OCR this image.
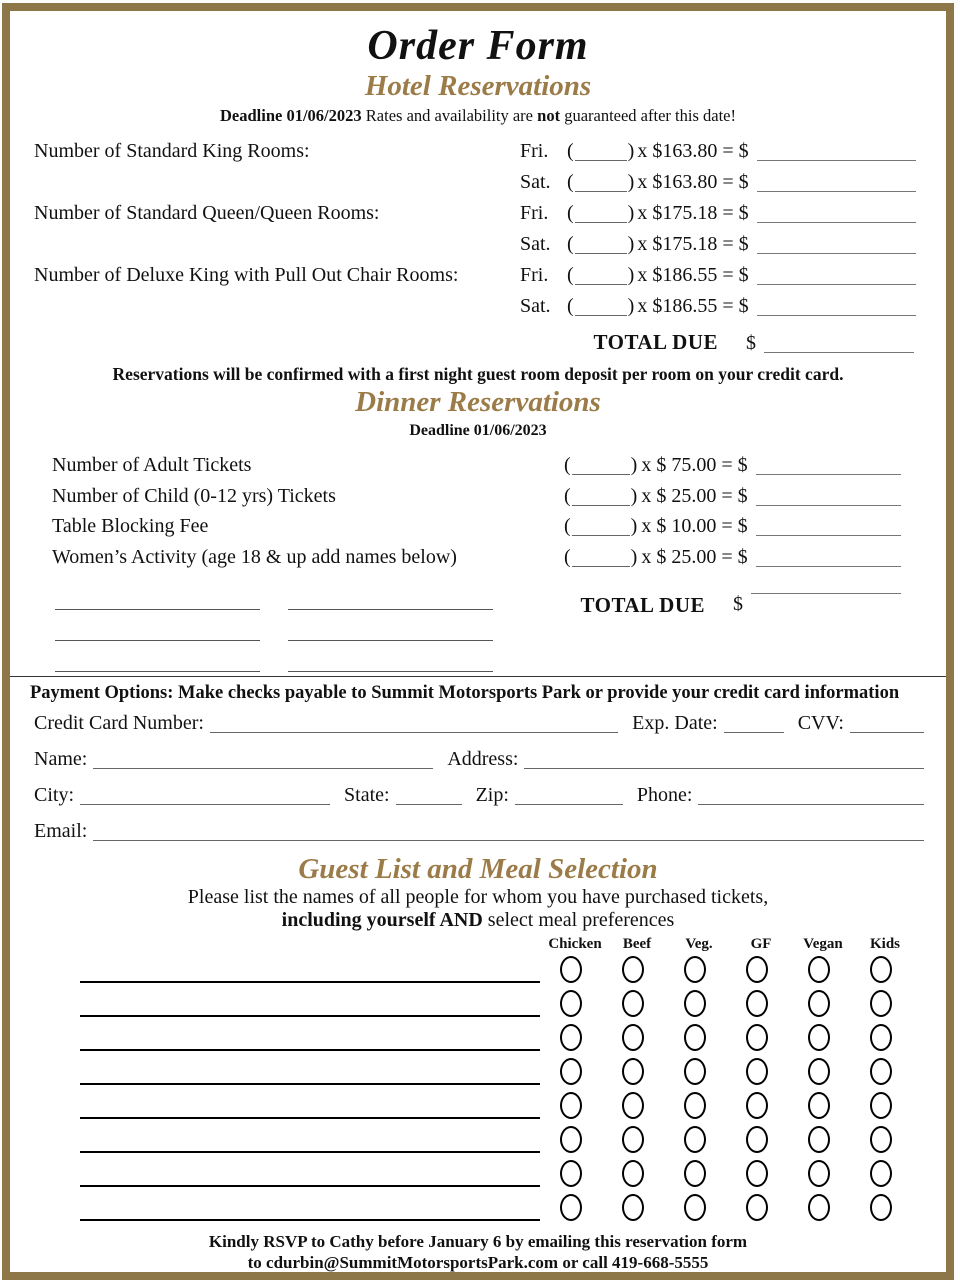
Order Form
Hotel Reservations
Deadline 01/06/2023 Rates and availability are not guaranteed after this date!
Number of Standard King Rooms:	Fri. (	) x $163.80 = $
Sat. (	) x $163.80 = $
Number of Standard Queen/Queen Rooms:	Fri. (	) x $175.18 = $
Sat. (	) x $175.18 = $
Number of Deluxe King with Pull Out Chair Rooms:	Fri. (	) x $186.55 = $
Sat. (	) x $186.55 = $
TOTAL DUE $
Reservations will be confirmed with a first night guest room deposit per room on your credit card.
Dinner Reservations
Deadline 01/06/2023
Number of Adult Tickets	(	) x $ 75.00 = $
Number of Child (0-12 yrs) Tickets	(	) x $ 25.00 = $
Table Blocking Fee	(	) x $ 10.00 = $
Women’s Activity (age 18 & up add names below)	(	) x $ 25.00 = $
TOTAL DUE $
Payment Options: Make checks payable to Summit Motorsports Park or provide your credit card information
Credit Card Number:	Exp. Date:	CVV:
Name:	Address:
City:	State:	Zip:	Phone:
Email:
Guest List and Meal Selection
Please list the names of all people for whom you have purchased tickets,
including yourself AND select meal preferences
Chicken	Beef	Veg.	GF	Vegan	Kids
Kindly RSVP to Cathy before January 6 by emailing this reservation form
to cdurbin@SummitMotorsportsPark.com or call 419-668-5555
